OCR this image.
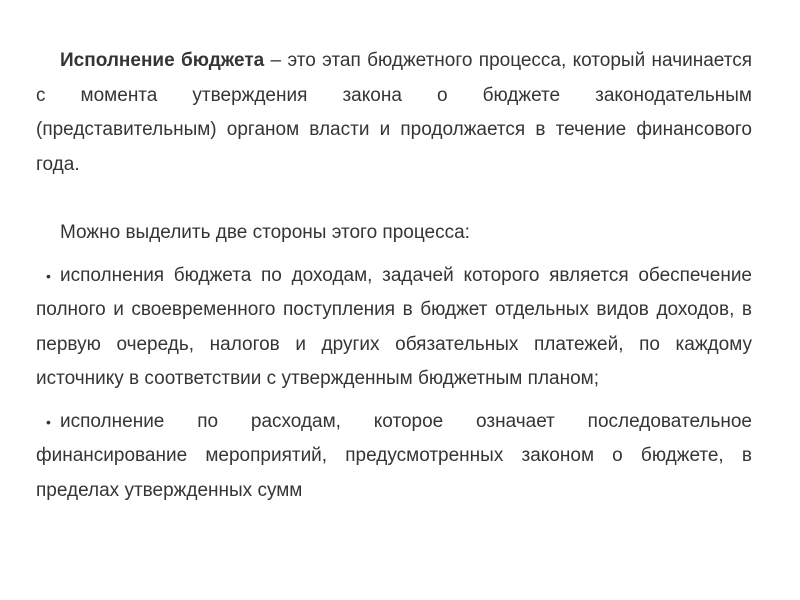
Исполнение бюджета – это этап бюджетного процесса, который начинается с момента утверждения закона о бюджете законодательным (представительным) органом власти и продолжается в течение финансового года.

Можно выделить две стороны этого процесса:

• исполнения бюджета по доходам, задачей которого является обеспечение полного и своевременного поступления в бюджет отдельных видов доходов, в первую очередь, налогов и других обязательных платежей, по каждому источнику в соответствии с утвержденным бюджетным планом;
• исполнение по расходам, которое означает последовательное финансирование мероприятий, предусмотренных законом о бюджете, в пределах утвержденных сумм
